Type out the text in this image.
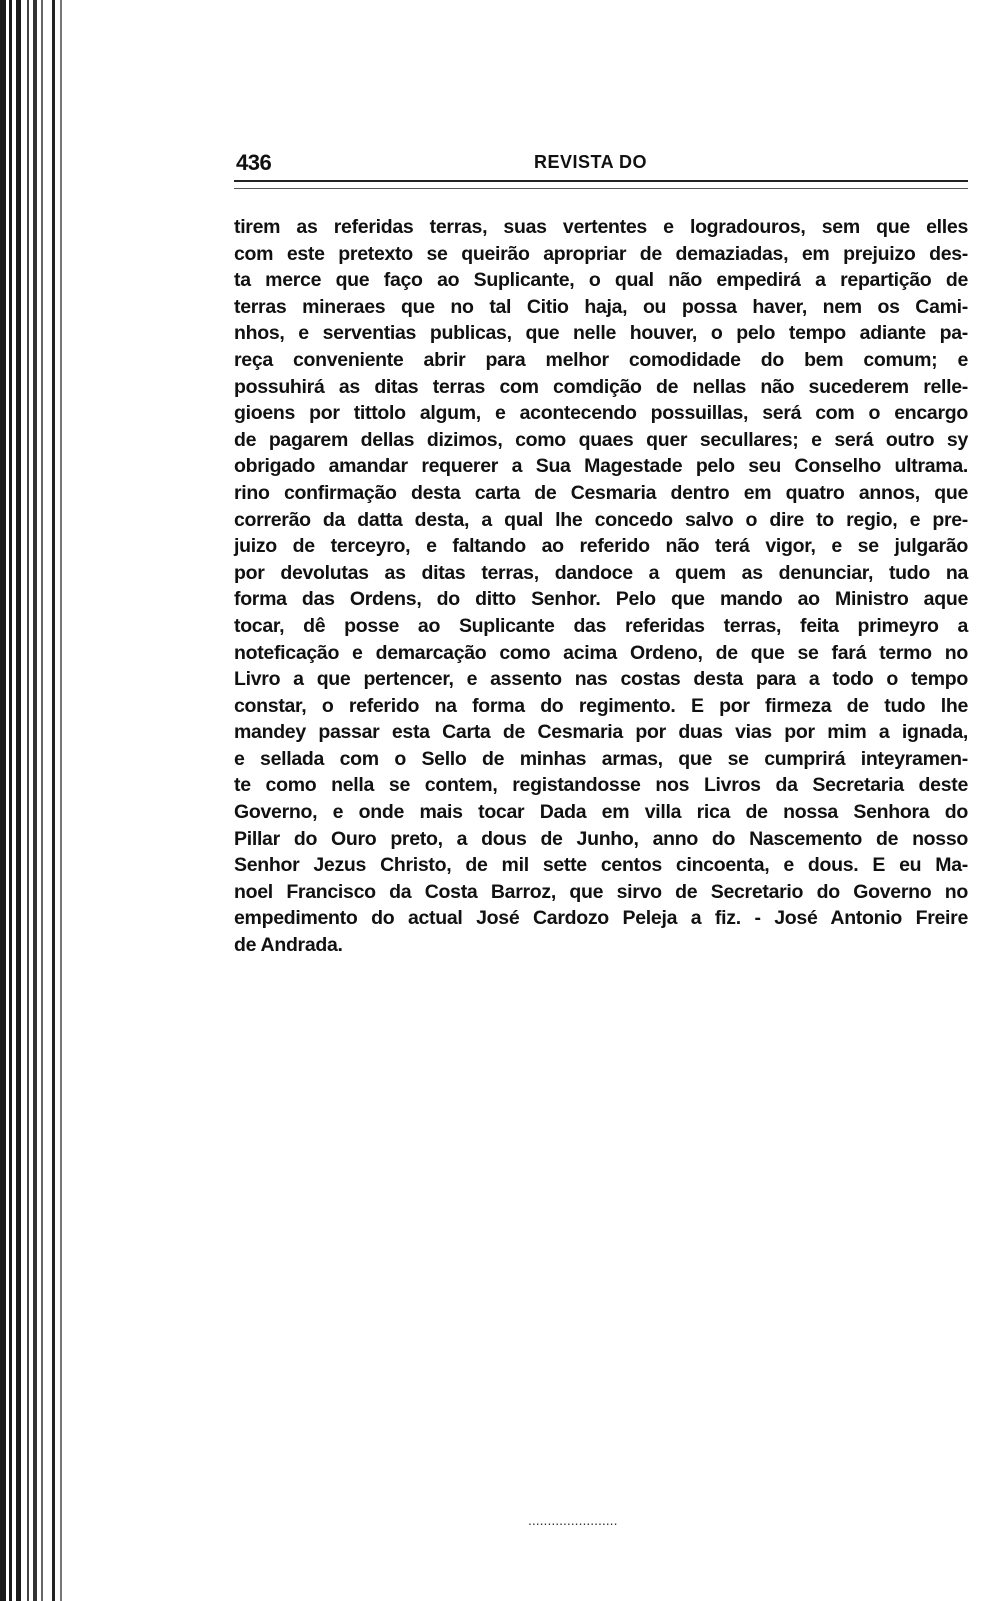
436	REVISTA DO
tirem as referidas terras, suas vertentes e logradouros, sem que elles
com este pretexto se queirão apropriar de demaziadas, em prejuizo des-
ta merce que faço ao Suplicante, o qual não empedirá a repartição de
terras mineraes que no tal Citio haja, ou possa haver, nem os Cami-
nhos, e serventias publicas, que nelle houver, o pelo tempo adiante pa-
reça conveniente abrir para melhor comodidade do bem comum; e
possuhirá as ditas terras com comdição de nellas não sucederem relle-
gioens por tittolo algum, e acontecendo possuillas, será com o encargo
de pagarem dellas dizimos, como quaes quer secullares; e será outro sy
obrigado amandar requerer a Sua Magestade pelo seu Conselho ultrama.
rino confirmação desta carta de Cesmaria dentro em quatro annos, que
correrão da datta desta, a qual lhe concedo salvo o dire to regio, e pre-
juizo de terceyro, e faltando ao referido não terá vigor, e se julgarão
por devolutas as ditas terras, dandoce a quem as denunciar, tudo na
forma das Ordens, do ditto Senhor. Pelo que mando ao Ministro aque
tocar, dê posse ao Suplicante das referidas terras, feita primeyro a
noteficação e demarcação como acima Ordeno, de que se fará termo no
Livro a que pertencer, e assento nas costas desta para a todo o tempo
constar, o referido na forma do regimento. E por firmeza de tudo lhe
mandey passar esta Carta de Cesmaria por duas vias por mim a ignada,
e sellada com o Sello de minhas armas, que se cumprirá inteyramen-
te como nella se contem, registandosse nos Livros da Secretaria deste
Governo, e onde mais tocar Dada em villa rica de nossa Senhora do
Pillar do Ouro preto, a dous de Junho, anno do Nascemento de nosso
Senhor Jezus Christo, de mil sette centos cincoenta, e dous. E eu Ma-
noel Francisco da Costa Barroz, que sirvo de Secretario do Governo no
empedimento do actual José Cardozo Peleja a fiz. - José Antonio Freire
de Andrada.
.......................
